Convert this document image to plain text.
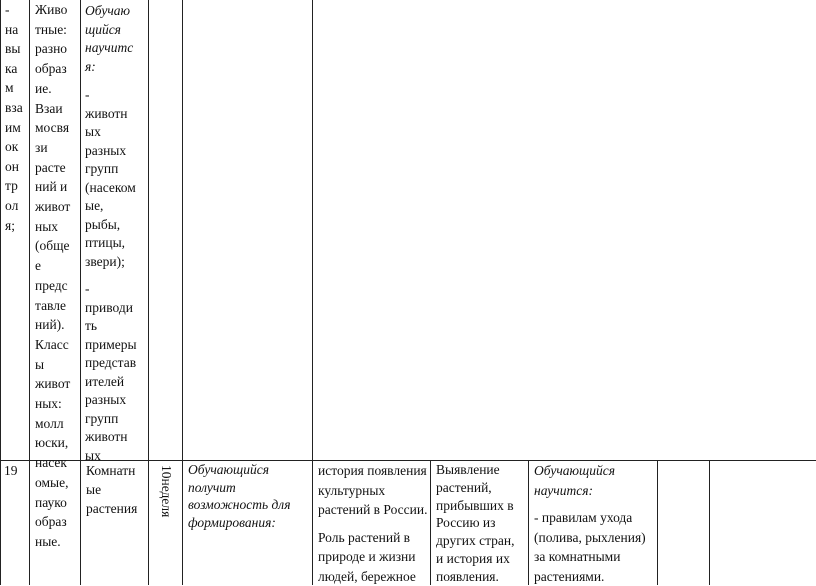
-
на
вы
ка
м
вза
им
ок
он
тр
ол
я;
Живо
тные:
разно
образ
ие.
Взаи
мосвя
зи
расте
ний и
живот
ных
(обще
е
предс
тавле
ний).
Класс
ы
живот
ных:
молл
юски,
насек
омые,
пауко
образ
ные.
Обучаю
щийся
научитс
я:
-
животн
ых
разных
групп
(насеком
ые,
рыбы,
птицы,
звери);
-
приводи
ть
примеры
представ
ителей
разных
групп
животн
ых
19	Комнатн
ые
растения 10неделя Обучающийся
получит
возможность для
формирования:
история появления
культурных
растений в России.
Роль растений в
природе и жизни
людей, бережное
Выявление
растений,
прибывших в
Россию из
других стран,
и история их
появления.
Обучающийся
научится:
- правилам ухода
(полива, рыхления)
за комнатными
растениями.
